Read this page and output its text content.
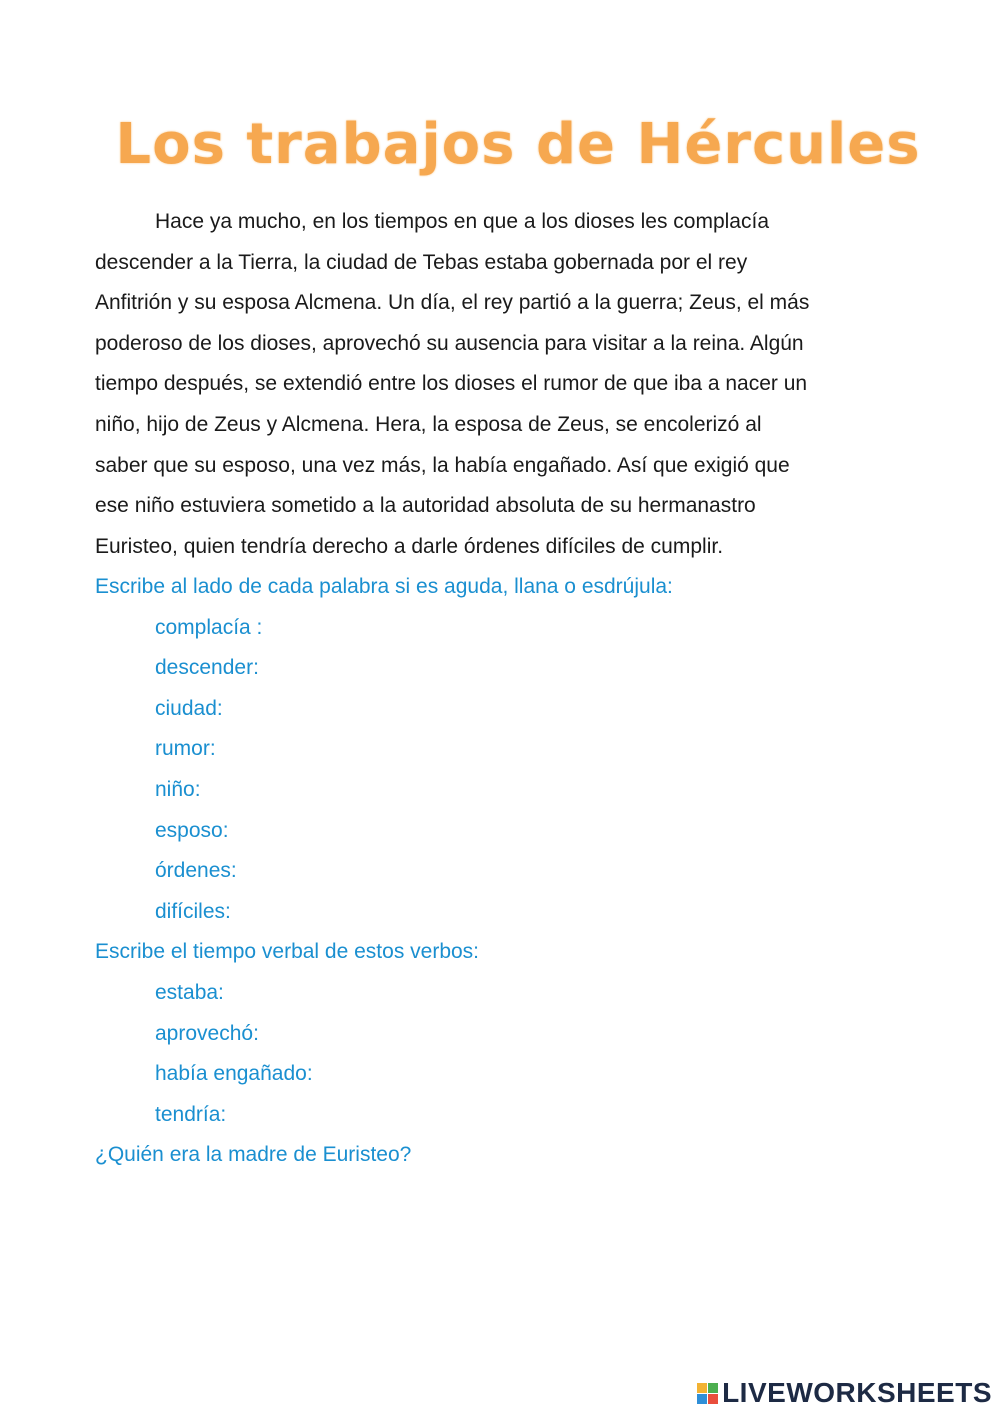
Los trabajos de Hércules
Hace ya mucho, en los tiempos en que a los dioses les complacía
descender a la Tierra, la ciudad de Tebas estaba gobernada por el rey
Anfitrión y su esposa Alcmena. Un día, el rey partió a la guerra; Zeus, el más
poderoso de los dioses, aprovechó su ausencia para visitar a la reina. Algún
tiempo después, se extendió entre los dioses el rumor de que iba a nacer un
niño, hijo de Zeus y Alcmena. Hera, la esposa de Zeus, se encolerizó al
saber que su esposo, una vez más, la había engañado. Así que exigió que
ese niño estuviera sometido a la autoridad absoluta de su hermanastro
Euristeo, quien tendría derecho a darle órdenes difíciles de cumplir.
Escribe al lado de cada palabra si es aguda, llana o esdrújula:
complacía :
descender:
ciudad:
rumor:
niño:
esposo:
órdenes:
difíciles:
Escribe el tiempo verbal de estos verbos:
estaba:
aprovechó:
había engañado:
tendría:
¿Quién era la madre de Euristeo?
LIVEWORKSHEETS
